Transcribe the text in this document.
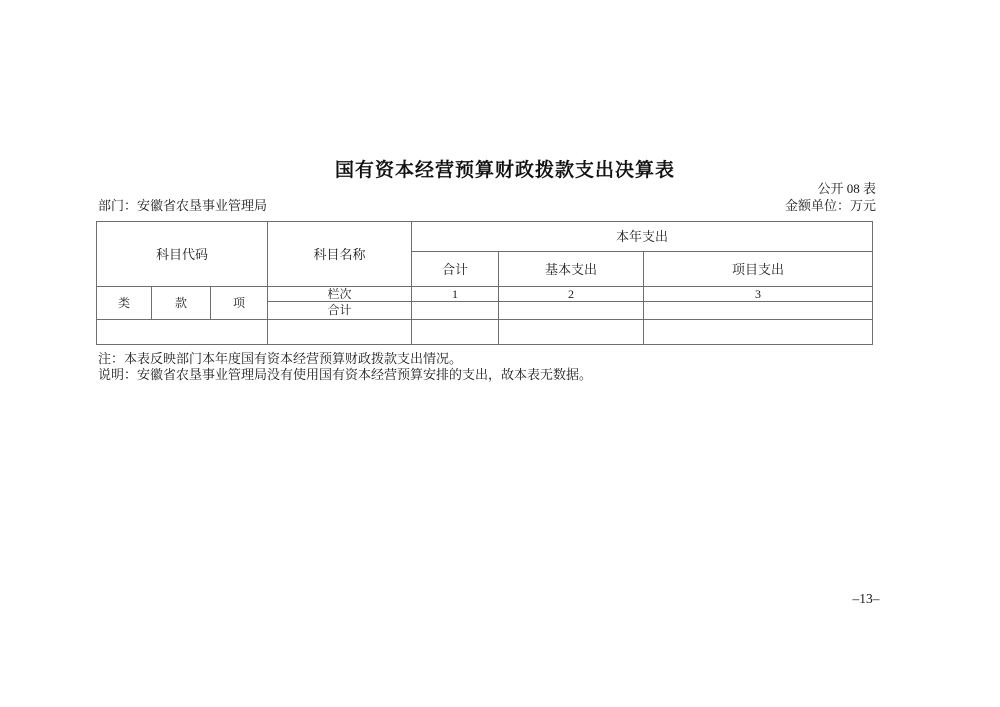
国有资本经营预算财政拨款支出决算表
公开 08 表
部门：安徽省农垦事业管理局	金额单位：万元
科目代码			科目名称	本年支出		
				合计	基本支出	项目支出
类	款	项	栏次	1	2	3
			合计			

注：本表反映部门本年度国有资本经营预算财政拨款支出情况。
说明：安徽省农垦事业管理局没有使用国有资本经营预算安排的支出，故本表无数据。
–13–
